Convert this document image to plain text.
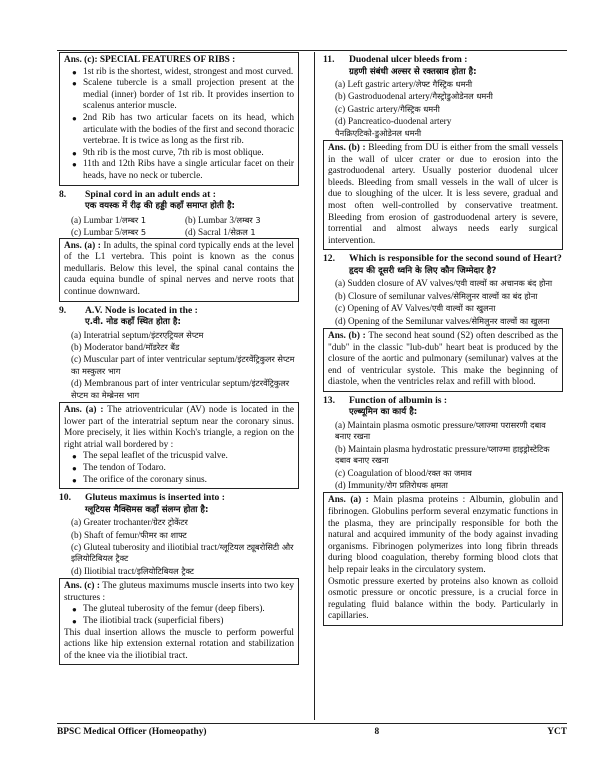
Ans. (c): SPECIAL FEATURES OF RIBS :
● 1st rib is the shortest, widest, strongest and most curved.
● Scalene tubercle is a small projection present at the medial (inner) border of 1st rib. It provides insertion to scalenus anterior muscle.
● 2nd Rib has two articular facets on its head, which articulate with the bodies of the first and second thoracic vertebrae. It is twice as long as the first rib.
● 9th rib is the most curve, 7th rib is most oblique.
● 11th and 12th Ribs have a single articular facet on their heads, have no neck or tubercle.
8.	Spinal cord in an adult ends at :
एक वयस्क में रीढ़ की हड्डी कहाँ समाप्त होती है:
(a) Lumbar 1/लम्बर 1	(b) Lumbar 3/लम्बर 3
(c) Lumbar 5/लम्बर 5	(d) Sacral 1/सेक्रल 1
Ans. (a) : In adults, the spinal cord typically ends at the level of the L1 vertebra. This point is known as the conus medullaris. Below this level, the spinal canal contains the cauda equina bundle of spinal nerves and nerve roots that continue downward.
9.	A.V. Node is located in the :
ए.वी. नोड कहाँ स्थित होता है:
(a) Interatrial septum/इंटरएट्रियल सेप्टम
(b) Moderator band/मॉडरेटर बैंड
(c) Muscular part of inter ventricular septum/इंटरवेंट्रिकुलर सेप्टम का मस्कुलर भाग
(d) Membranous part of inter ventricular septum/इंटरवेंट्रिकुलर सेप्टम का मेम्ब्रेनस भाग
Ans. (a) : The atrioventricular (AV) node is located in the lower part of the interatrial septum near the coronary sinus. More precisely, it lies within Koch's triangle, a region on the right atrial wall bordered by :
● The sepal leaflet of the tricuspid valve.
● The tendon of Todaro.
● The orifice of the coronary sinus.
10.	Gluteus maximus is inserted into :
ग्लूटियस मैक्सिमस कहाँ संलग्न होता है:
(a) Greater trochanter/ग्रेटर ट्रोकेंटर
(b) Shaft of femur/फीमर का शाफ्ट
(c) Gluteal tuberosity and iliotibial tract/ग्लूटियल ट्यूबरोसिटी और इलियोटिबियल ट्रैक्ट
(d) Iliotibial tract/इलियोटिबियल ट्रैक्ट
Ans. (c) : The gluteus maximums muscle inserts into two key structures :
● The gluteal tuberosity of the femur (deep fibers).
● The iliotibial track (superficial fibers)
This dual insertion allows the muscle to perform powerful actions like hip extension external rotation and stabilization of the knee via the iliotibial tract.
11.	Duodenal ulcer bleeds from :
ग्रहणी संबंधी अल्सर से रक्तस्राव होता है:
(a) Left gastric artery/लेफ्ट गैस्ट्रिक धमनी
(b) Gastroduodenal artery/गैस्ट्रोडुओडेनल धमनी
(c) Gastric artery/गैस्ट्रिक धमनी
(d) Pancreatico-duodenal artery
पैनक्रिएटिको-डुओडेनल धमनी
Ans. (b) : Bleeding from DU is either from the small vessels in the wall of ulcer crater or due to erosion into the gastroduodenal artery. Usually posterior duodenal ulcer bleeds. Bleeding from small vessels in the wall of ulcer is due to sloughing of the ulcer. It is less severe, gradual and most often well-controlled by conservative treatment. Bleeding from erosion of gastroduodenal artery is severe, torrential and almost always needs early surgical intervention.
12.	Which is responsible for the second sound of Heart?
हृदय की दूसरी ध्वनि के लिए कौन जिम्मेदार है?
(a) Sudden closure of AV valves/एवी वाल्वों का अचानक बंद होना
(b) Closure of semilunar valves/सेमिलुनर वाल्वों का बंद होना
(c) Opening of AV Valves/एवी वाल्वों का खुलना
(d) Opening of the Semilunar valves/सेमिलुनर वाल्वों का खुलना
Ans. (b) : The second heat sound (S2) often described as the "dub" in the classic "lub-dub" heart beat is produced by the closure of the aortic and pulmonary (semilunar) valves at the end of ventricular systole. This make the beginning of diastole, when the ventricles relax and refill with blood.
13.	Function of albumin is :
एल्ब्यूमिन का कार्य है:
(a) Maintain plasma osmotic pressure/प्लाज्मा परासरणी दबाव बनाए रखना
(b) Maintain plasma hydrostatic pressure/प्लाज्मा हाइड्रोस्टेटिक दबाव बनाए रखना
(c) Coagulation of blood/रक्त का जमाव
(d) Immunity/रोग प्रतिरोधक क्षमता
Ans. (a) : Main plasma proteins : Albumin, globulin and fibrinogen. Globulins perform several enzymatic functions in the plasma, they are principally responsible for both the natural and acquired immunity of the body against invading organisms. Fibrinogen polymerizes into long fibrin threads during blood coagulation, thereby forming blood clots that help repair leaks in the circulatory system.
Osmotic pressure exerted by proteins also known as colloid osmotic pressure or oncotic pressure, is a crucial force in regulating fluid balance within the body. Particularly in capillaries.
BPSC Medical Officer (Homeopathy)	8	YCT
